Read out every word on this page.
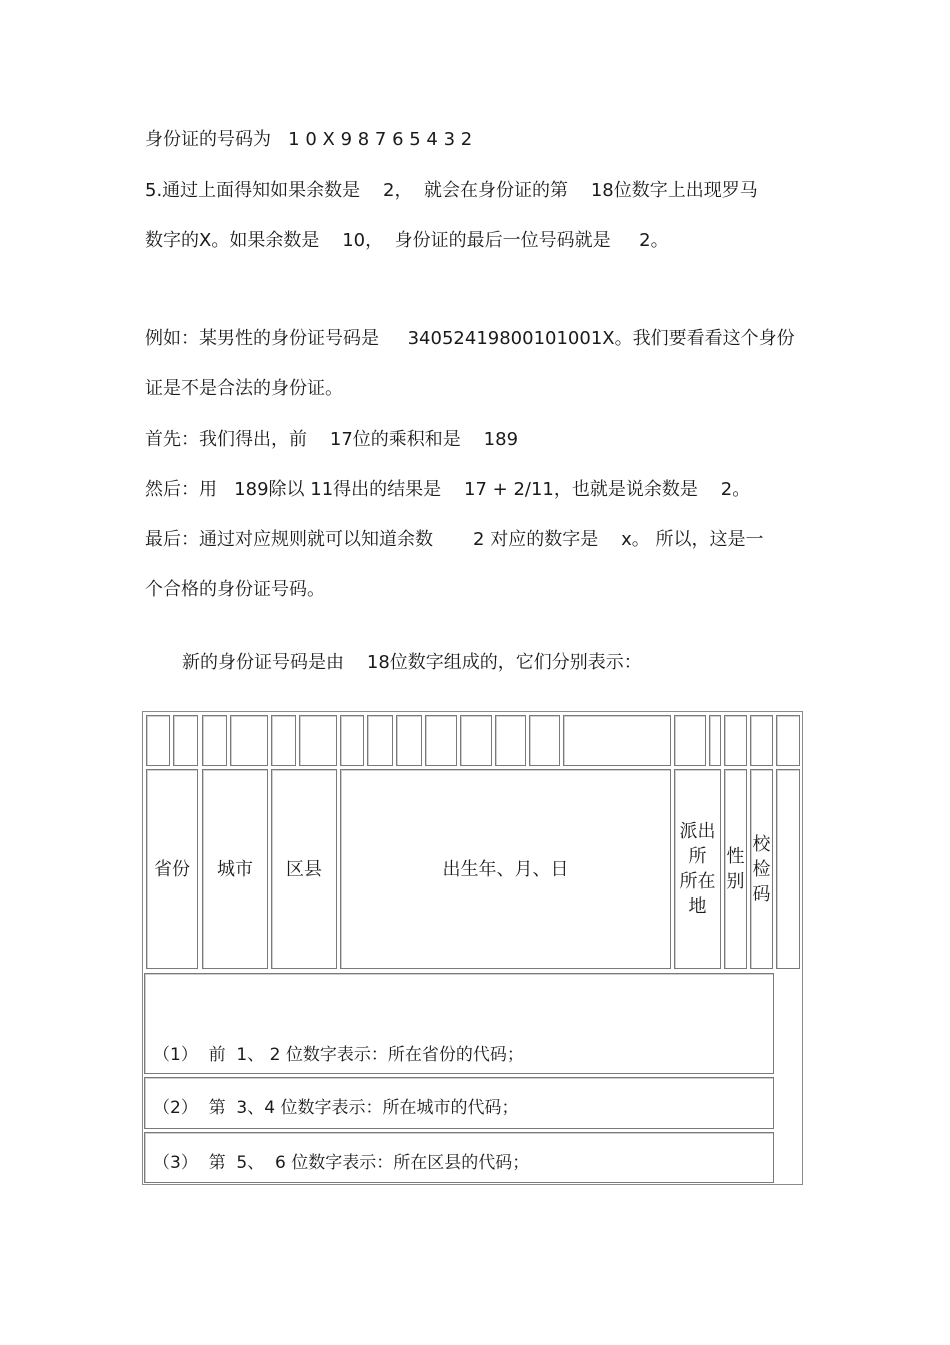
身份证的号码为   1 0 X 9 8 7 6 5 4 3 2
5.通过上面得知如果余数是    2，  就会在身份证的第    18位数字上出现罗马
数字的Ⅹ。如果余数是    10，  身份证的最后一位号码就是     2。
例如：某男性的身份证号码是     34052419800101001X。我们要看看这个身份
证是不是合法的身份证。
首先：我们得出，前    17位的乘积和是    189
然后：用   189除以 11得出的结果是    17 + 2/11，也就是说余数是    2。
最后：通过对应规则就可以知道余数       2 对应的数字是    x。 所以，这是一
个合格的身份证号码。
新的身份证号码是由    18位数字组成的，它们分别表示：
省份 城市 区县	出生年、月、日
派出
所
所在
地
性
别
校
检
码
（1）  前  1、 2 位数字表示：所在省份的代码；
（2）  第  3、4 位数字表示：所在城市的代码；
（3）  第  5、  6 位数字表示：所在区县的代码；
